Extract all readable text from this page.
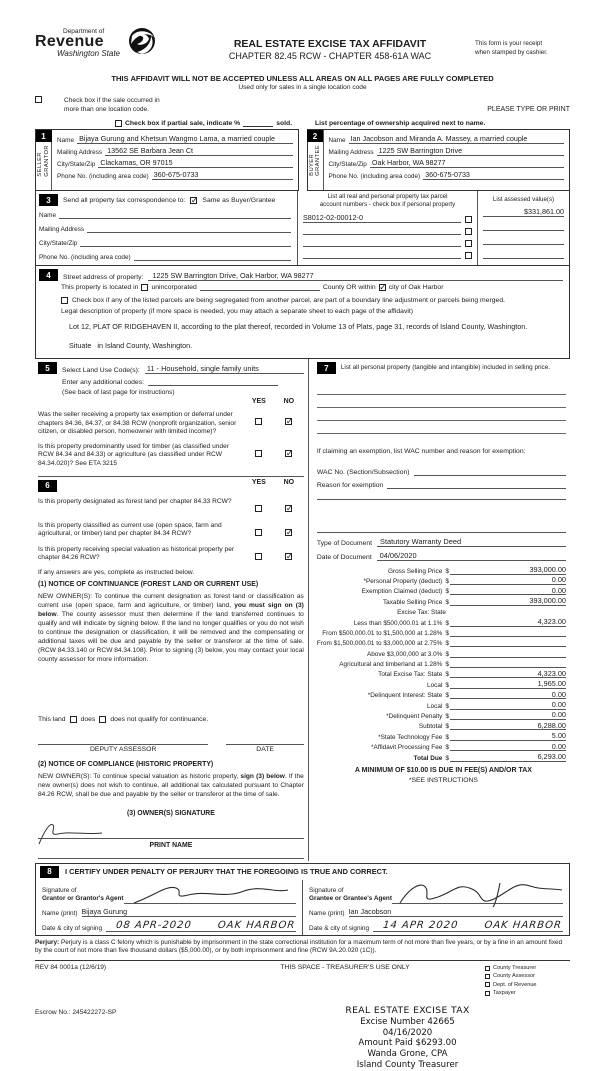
Department of
Revenue
Washington State
REAL ESTATE EXCISE TAX AFFIDAVIT
CHAPTER 82.45 RCW - CHAPTER 458-61A WAC
This form is your receipt
when stamped by cashier.
THIS AFFIDAVIT WILL NOT BE ACCEPTED UNLESS ALL AREAS ON ALL PAGES ARE FULLY COMPLETED
Used only for sales in a single location code
Check box if the sale occurred in
more than one location code.	PLEASE TYPE OR PRINT
Check box if partial sale, indicate %	sold.	List percentage of ownership acquired next to name.
1
SELLER GRANTOR
Name Bijaya Gurung and Khetsun Wangmo Lama, a married couple
Mailing Address 13562 SE Barbara Jean Ct
City/State/Zip Clackamas, OR 97015
Phone No. (including area code) 360-675-0733
2
BUYER GRANTEE
Name Ian Jacobson and Miranda A. Massey, a married couple
Mailing Address 1225 SW Barrington Drive
City/State/Zip Oak Harbor, WA 98277
Phone No. (including area code) 360-675-0733
3	Send all property tax correspondence to: ✓	Same as Buyer/Grantee
Name
Mailing Address
City/State/Zip
Phone No. (including area code)
List all real and personal property tax parcel
account numbers - check box if personal property
S8012-02-00012-0
List assessed value(s)
$331,861.00
4	Street address of property:	1225 SW Barrington Drive, Oak Harbor, WA 98277
This property is located in unincorporated	County OR within ✓ city of Oak Harbor
Check box if any of the listed parcels are being segregated from another parcel, are part of a boundary line adjustment or parcels being merged.
Legal description of property (if more space is needed, you may attach a separate sheet to each page of the affidavit)
Lot 12, PLAT OF RIDGEHAVEN II, according to the plat thereof, recorded in Volume 13 of Plats, page 31, records of Island County, Washington.
Situate in Island County, Washington.
5	Select Land Use Code(s): 11 - Household, single family units
Enter any additional codes:
(See back of last page for instructions)
YES	NO
Was the seller receiving a property tax exemption or deferral under chapters 84.36, 84.37, or 84.38 RCW (nonprofit organization, senior citizen, or disabled person, homeowner with limited income)?
✓
Is this property predominantly used for timber (as classified under RCW 84.34 and 84.33) or agriculture (as classified under RCW 84.34.020)? See ETA 3215
✓
6	YES	NO
Is this property designated as forest land per chapter 84.33 RCW?
✓
Is this property classified as current use (open space, farm and agricultural, or timber) land per chapter 84.34 RCW?
✓
Is this property receiving special valuation as historical property per chapter 84.26 RCW?
✓
If any answers are yes, complete as instructed below.
(1) NOTICE OF CONTINUANCE (FOREST LAND OR CURRENT USE)
NEW OWNER(S): To continue the current designation as forest land or classification as current use (open space, farm and agriculture, or timber) land, you must sign on (3) below. The county assessor must then determine if the land transferred continues to qualify and will indicate by signing below. If the land no longer qualifies or you do not wish to continue the designation or classification, it will be removed and the compensating or additional taxes will be due and payable by the seller or transferor at the time of sale. (RCW 84.33.140 or RCW 84.34.108). Prior to signing (3) below, you may contact your local county assessor for more information.
This land does does not qualify for continuance.
DEPUTY ASSESSOR	DATE
(2) NOTICE OF COMPLIANCE (HISTORIC PROPERTY)
NEW OWNER(S): To continue special valuation as historic property, sign (3) below. If the new owner(s) does not wish to continue, all additional tax calculated pursuant to Chapter 84.26 RCW, shall be due and payable by the seller or transferor at the time of sale.
(3) OWNER(S) SIGNATURE
PRINT NAME
7	List all personal property (tangible and intangible) included in selling price.
If claiming an exemption, list WAC number and reason for exemption:
WAC No. (Section/Subsection)
Reason for exemption
Type of Document	Statutory Warranty Deed
Date of Document	04/06/2020
Gross Selling Price $	393,000.00
*Personal Property (deduct) $	0.00
Exemption Claimed (deduct) $	0.00
Taxable Selling Price $	393,000.00
Excise Tax: State
Less than $500,000.01 at 1.1% $	4,323.00
From $500,000.01 to $1,500,000 at 1.28% $
From $1,500,000.01 to $3,000,000 at 2.75% $
Above $3,000,000 at 3.0% $
Agricultural and timberland at 1.28% $
Total Excise Tax: State $	4,323.00
Local $	1,965.00
*Delinquent Interest: State $	0.00
Local $	0.00
*Delinquent Penalty $	0.00
Subtotal $	6,288.00
*State Technology Fee $	5.00
*Affidavit Processing Fee $	0.00
Total Due $	6,293.00
A MINIMUM OF $10.00 IS DUE IN FEE(S) AND/OR TAX
*SEE INSTRUCTIONS
8	I CERTIFY UNDER PENALTY OF PERJURY THAT THE FOREGOING IS TRUE AND CORRECT.
Signature of
Grantor or Grantor's Agent
Name (print) Bijaya Gurung
Date & city of signing	08 APR-2020 OAK HARBOR
Signature of
Grantee or Grantee's Agent
Name (print) Ian Jacobson
Date & city of signing	14 APR 2020 OAK HARBOR
Perjury: Perjury is a class C felony which is punishable by imprisonment in the state correctional institution for a maximum term of not more than five years, or by a fine in an amount fixed by the court of not more than five thousand dollars ($5,000.00), or by both imprisonment and fine (RCW 9A.20.020 (1C)).
REV 84 0001a (12/6/19)	THIS SPACE - TREASURER'S USE ONLY	County Treasurer
County Assessor
Dept. of Revenue
Taxpayer
Escrow No.: 245422272-SP	REAL ESTATE EXCISE TAX
Excise Number 42665
04/16/2020
Amount Paid $6293.00
Wanda Grone, CPA
Island County Treasurer
